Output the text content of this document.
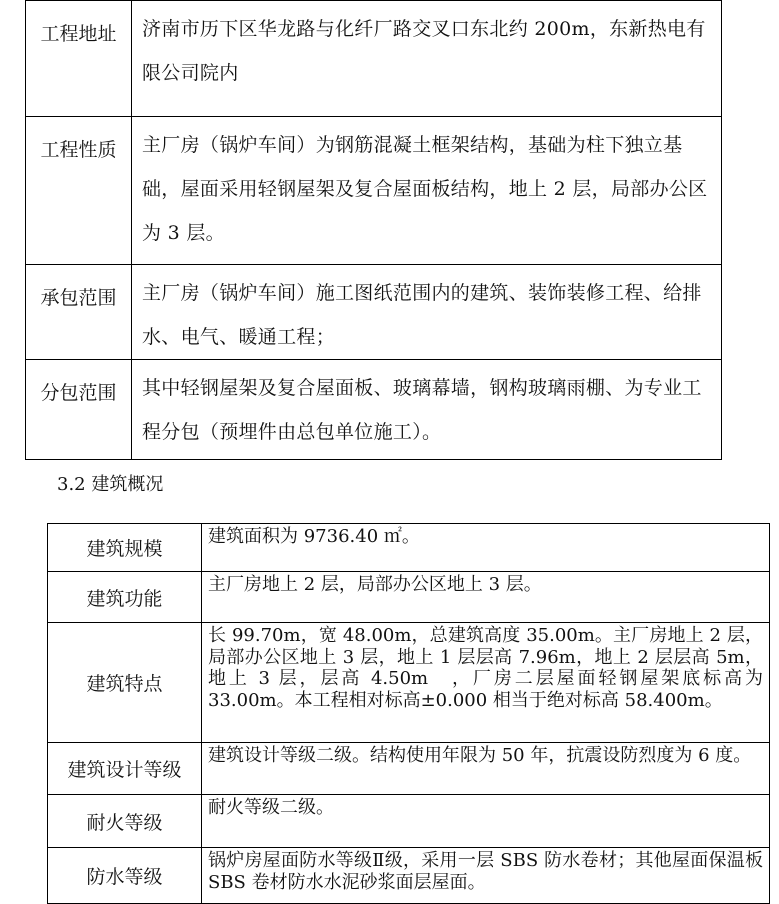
工程地址	济南市历下区华龙路与化纤厂路交叉口东北约 200m，东新热电有限公司院内
工程性质	主厂房（锅炉车间）为钢筋混凝土框架结构，基础为柱下独立基础，屋面采用轻钢屋架及复合屋面板结构，地上 2 层，局部办公区为 3 层。
承包范围	主厂房（锅炉车间）施工图纸范围内的建筑、装饰装修工程、给排水、电气、暖通工程；
分包范围	其中轻钢屋架及复合屋面板、玻璃幕墙，钢构玻璃雨棚、为专业工程分包（预埋件由总包单位施工）。
3.2 建筑概况
建筑规模	建筑面积为 9736.40 ㎡。
建筑功能	主厂房地上 2 层，局部办公区地上 3 层。
建筑特点	长 99.70m，宽 48.00m，总建筑高度 35.00m。主厂房地上 2 层，局部办公区地上 3 层，地上 1 层层高 7.96m，地上 2 层层高 5m，地上 3 层，层高 4.50m　，厂房二层屋面轻钢屋架底标高为 33.00m。本工程相对标高±0.000 相当于绝对标高 58.400m。
建筑设计等级	建筑设计等级二级。结构使用年限为 50 年，抗震设防烈度为 6 度。
耐火等级	耐火等级二级。
防水等级	锅炉房屋面防水等级Ⅱ级，采用一层 SBS 防水卷材；其他屋面保温板 SBS 卷材防水水泥砂浆面层屋面。
